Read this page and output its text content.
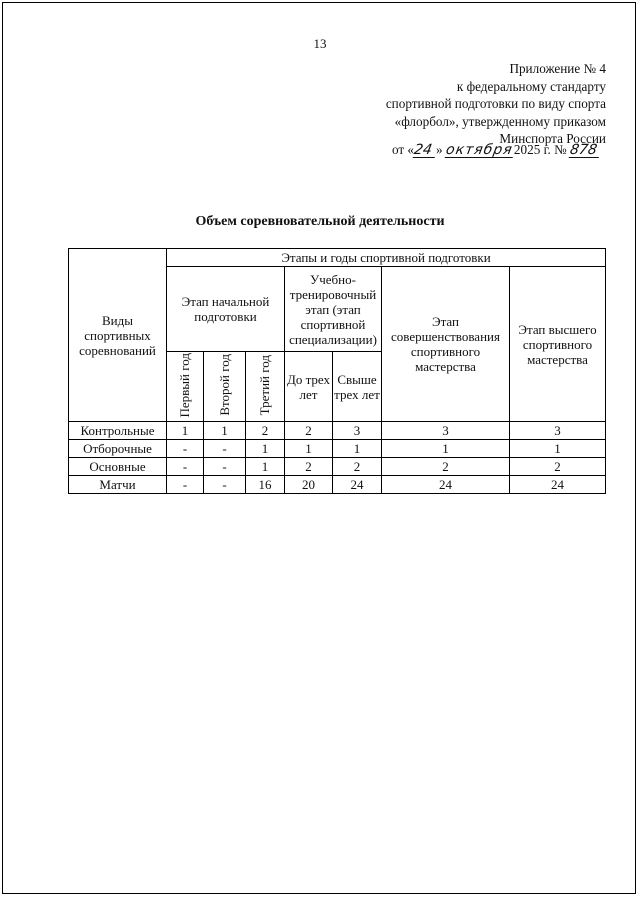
13
Приложение № 4
к федеральному стандарту
спортивной подготовки по виду спорта
«флорбол», утвержденному приказом
Минспорта России
от «24 » октября2025 г. № 878
Объем соревновательной деятельности
Виды спортивных соревнований	Этапы и годы спортивной подготовки						
	Этап начальной подготовки			Учебно-тренировочный этап (этап спортивной специализации)		Этап совершенствования спортивного мастерства	Этап высшего спортивного мастерства
	Первый год	Второй год	Третий год	До трех лет	Свыше трех лет		
Контрольные	1	1	2	2	3	3	3
Отборочные	-	-	1	1	1	1	1
Основные	-	-	1	2	2	2	2
Матчи	-	-	16	20	24	24	24
